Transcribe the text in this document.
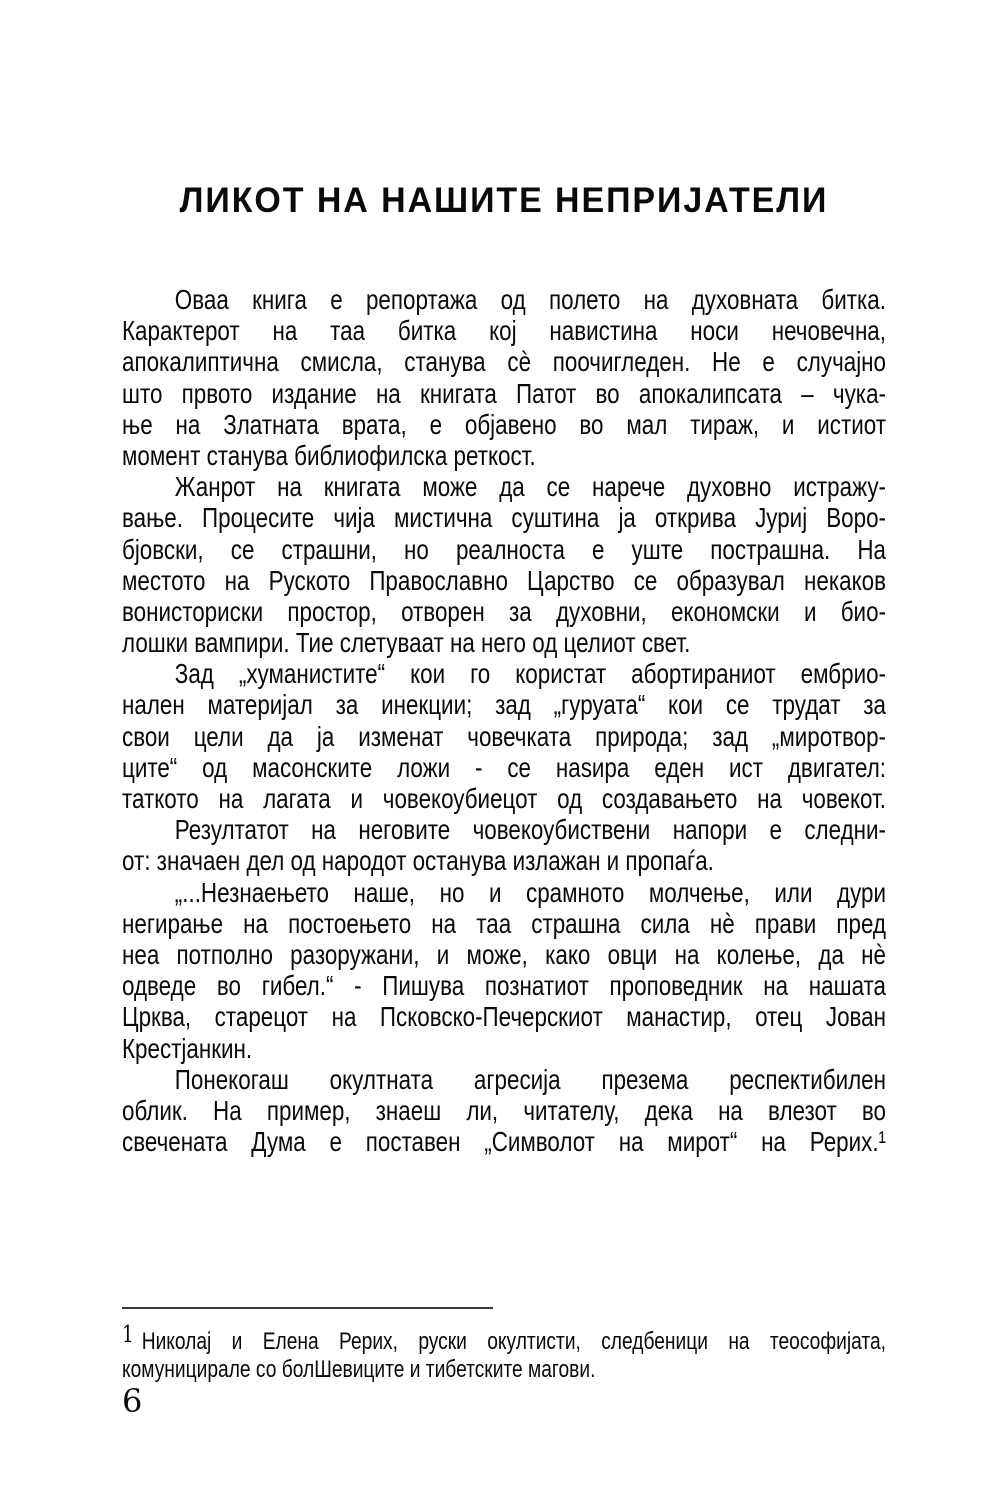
ЛИКОТ НА НАШИТЕ НЕПРИЈАТЕЛИ
Оваа книга е репортажа од полето на духовната битка.
Карактерот на таа битка кој навистина носи нечовечна,
апокалиптична смисла, станува сѐ поочигледен. Не е случајно
што првото издание на книгата Патот во апокалипсата – чука-
ње на Златната врата, е објавено во мал тираж, и истиот
момент станува библиофилска реткост.
Жанрот на книгата може да се нарече духовно истражу-
вање. Процесите чија мистична суштина ја открива Јуриј Воро-
бјовски, се страшни, но реалноста е уште пострашна. На
местото на Руското Православно Царство се образувал некаков
вонисториски простор, отворен за духовни, економски и био-
лошки вампири. Тие слетуваат на него од целиот свет.
Зад „хуманистите“ кои го користат абортираниот ембрио-
нален материјал за инекции; зад „гуруата“ кои се трудат за
свои цели да ја изменат човечката природа; зад „миротвор-
ците“ од масонските ложи - се наѕира еден ист двигател:
таткото на лагата и човекоубиецот од создавањето на човекот.
Резултатот на неговите човекоубиствени напори е следни-
от: значаен дел од народот останува излажан и пропаѓа.
„...Незнаењето наше, но и срамното молчење, или дури
негирање на постоењето на таа страшна сила нѐ прави пред
неа потполно разоружани, и може, како овци на колење, да нѐ
одведе во гибел.“ - Пишува познатиот проповедник на нашата
Црква, старецот на Псковско-Печерскиот манастир, отец Јован
Крестјанкин.
Понекогаш окултната агресија презема респектибилен
облик. На пример, знаеш ли, читателу, дека на влезот во
свечената Дума е поставен „Символот на мирот“ на Рерих.¹
1 Николај и Елена Рерих, руски окултисти, следбеници на теософијата,
комуницирале со болШевиците и тибетските магови.
6
